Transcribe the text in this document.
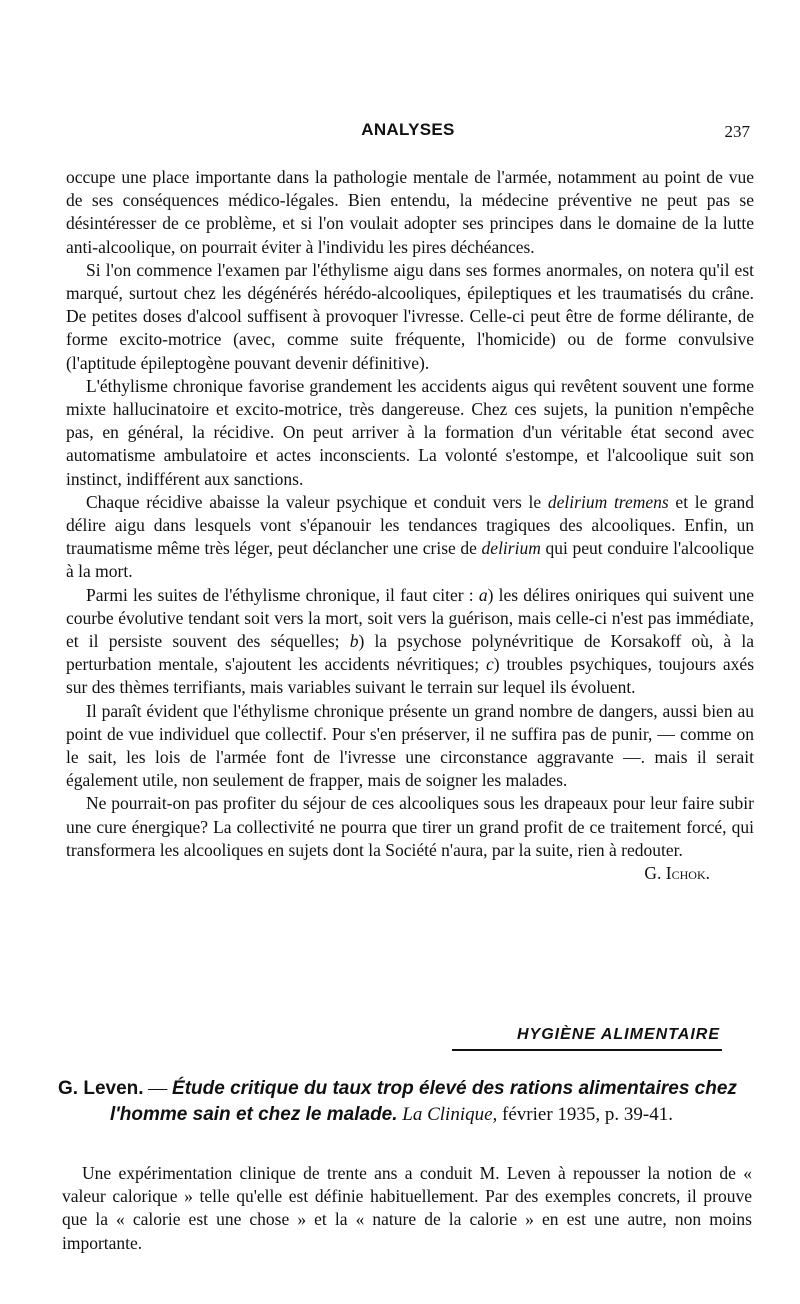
ANALYSES	237

occupe une place importante dans la pathologie mentale de l'armée, notamment au point de vue de ses conséquences médico-légales. Bien entendu, la médecine préventive ne peut pas se désintéresser de ce problème, et si l'on voulait adopter ses principes dans le domaine de la lutte anti-alcoolique, on pourrait éviter à l'individu les pires déchéances.

Si l'on commence l'examen par l'éthylisme aigu dans ses formes anormales, on notera qu'il est marqué, surtout chez les dégénérés hérédo-alcooliques, épileptiques et les traumatisés du crâne. De petites doses d'alcool suffisent à provoquer l'ivresse. Celle-ci peut être de forme délirante, de forme excito-motrice (avec, comme suite fréquente, l'homicide) ou de forme convulsive (l'aptitude épileptogène pouvant devenir définitive).

L'éthylisme chronique favorise grandement les accidents aigus qui revêtent souvent une forme mixte hallucinatoire et excito-motrice, très dangereuse. Chez ces sujets, la punition n'empêche pas, en général, la récidive. On peut arriver à la formation d'un véritable état second avec automatisme ambulatoire et actes inconscients. La volonté s'estompe, et l'alcoolique suit son instinct, indifférent aux sanctions.

Chaque récidive abaisse la valeur psychique et conduit vers le delirium tremens et le grand délire aigu dans lesquels vont s'épanouir les tendances tragiques des alcooliques. Enfin, un traumatisme même très léger, peut déclancher une crise de delirium qui peut conduire l'alcoolique à la mort.

Parmi les suites de l'éthylisme chronique, il faut citer : a) les délires oniriques qui suivent une courbe évolutive tendant soit vers la mort, soit vers la guérison, mais celle-ci n'est pas immédiate, et il persiste souvent des séquelles; b) la psychose polynévritique de Korsakoff où, à la perturbation mentale, s'ajoutent les accidents névritiques; c) troubles psychiques, toujours axés sur des thèmes terrifiants, mais variables suivant le terrain sur lequel ils évoluent.

Il paraît évident que l'éthylisme chronique présente un grand nombre de dangers, aussi bien au point de vue individuel que collectif. Pour s'en préserver, il ne suffira pas de punir, — comme on le sait, les lois de l'armée font de l'ivresse une circonstance aggravante —. mais il serait également utile, non seulement de frapper, mais de soigner les malades.

Ne pourrait-on pas profiter du séjour de ces alcooliques sous les drapeaux pour leur faire subir une cure énergique? La collectivité ne pourra que tirer un grand profit de ce traitement forcé, qui transformera les alcooliques en sujets dont la Société n'aura, par la suite, rien à redouter.
G. Ichok.

HYGIÈNE ALIMENTAIRE
G. Leven. — Étude critique du taux trop élevé des rations alimentaires chez l'homme sain et chez le malade. La Clinique, février 1935, p. 39-41.

Une expérimentation clinique de trente ans a conduit M. Leven à repousser la notion de « valeur calorique » telle qu'elle est définie habituellement. Par des exemples concrets, il prouve que la « calorie est une chose » et la « nature de la calorie » en est une autre, non moins importante.
